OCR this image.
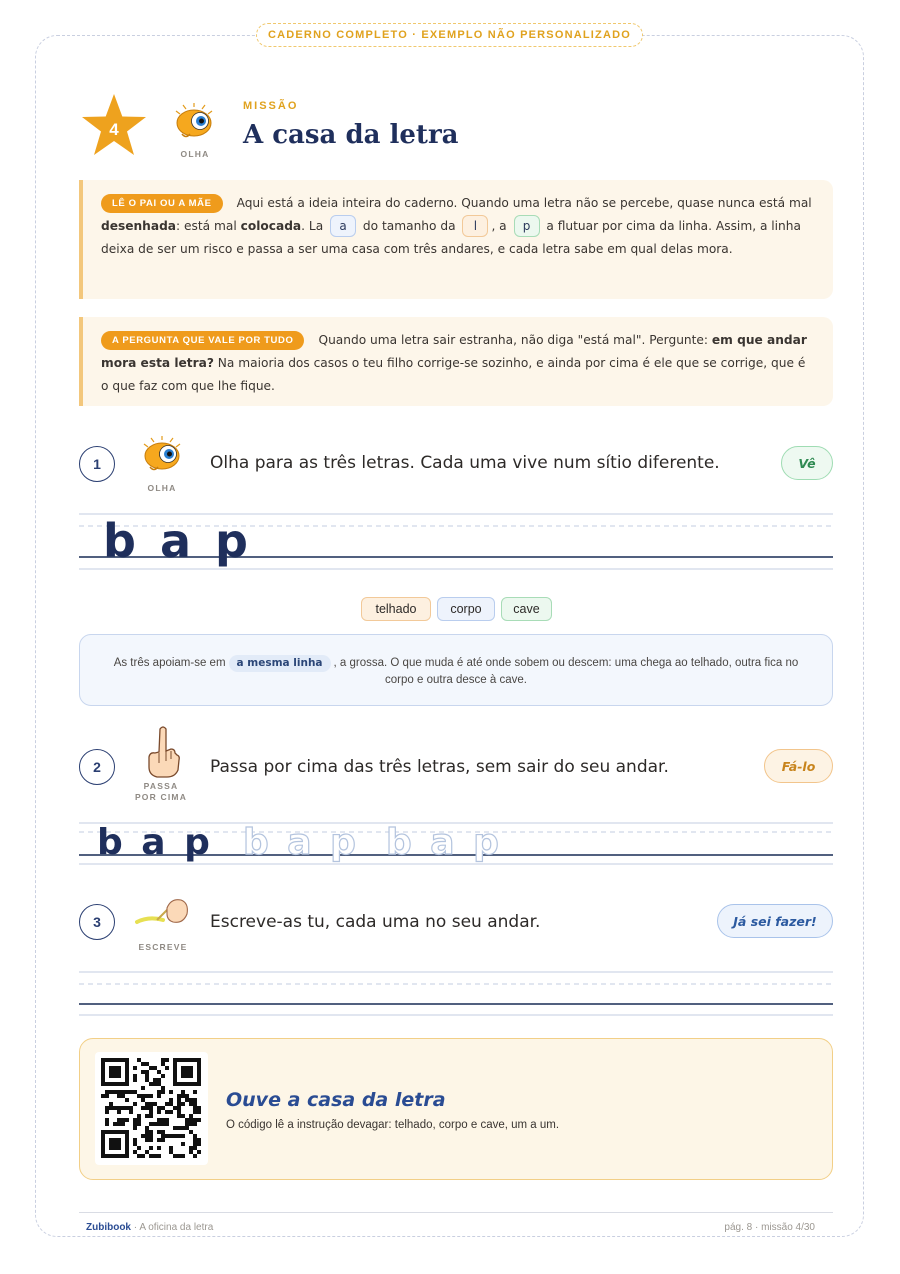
CADERNO COMPLETO · EXEMPLO NÃO PERSONALIZADO
4
OLHA
MISSÃO
A casa da letra
LÊ O PAI OU A MÃE Aqui está a ideia inteira do caderno. Quando uma letra não se percebe, quase nunca está mal desenhada: está mal colocada. La a do tamanho da l , a p a flutuar por cima da linha. Assim, a linha deixa de ser um risco e passa a ser uma casa com três andares, e cada letra sabe em qual delas mora.
A PERGUNTA QUE VALE POR TUDO Quando uma letra sair estranha, não diga "está mal". Pergunte: em que andar mora esta letra? Na maioria dos casos o teu filho corrige-se sozinho, e ainda por cima é ele que se corrige, que é o que faz com que lhe fique.
1
OLHA
Olha para as três letras. Cada uma vive num sítio diferente.	Vê
b a p
telhado	corpo	cave
As três apoiam-se em a mesma linha , a grossa. O que muda é até onde sobem ou descem: uma chega ao telhado, outra fica no corpo e outra desce à cave.
2
PASSA
POR CIMA
Passa por cima das três letras, sem sair do seu andar.	Fá-lo
b a p b a p b a p
3
ESCREVE
Escreve-as tu, cada uma no seu andar.	Já sei fazer!
Ouve a casa da letra
O código lê a instrução devagar: telhado, corpo e cave, um a um.
Zubibook · A oficina da letra	pág. 8 · missão 4/30
